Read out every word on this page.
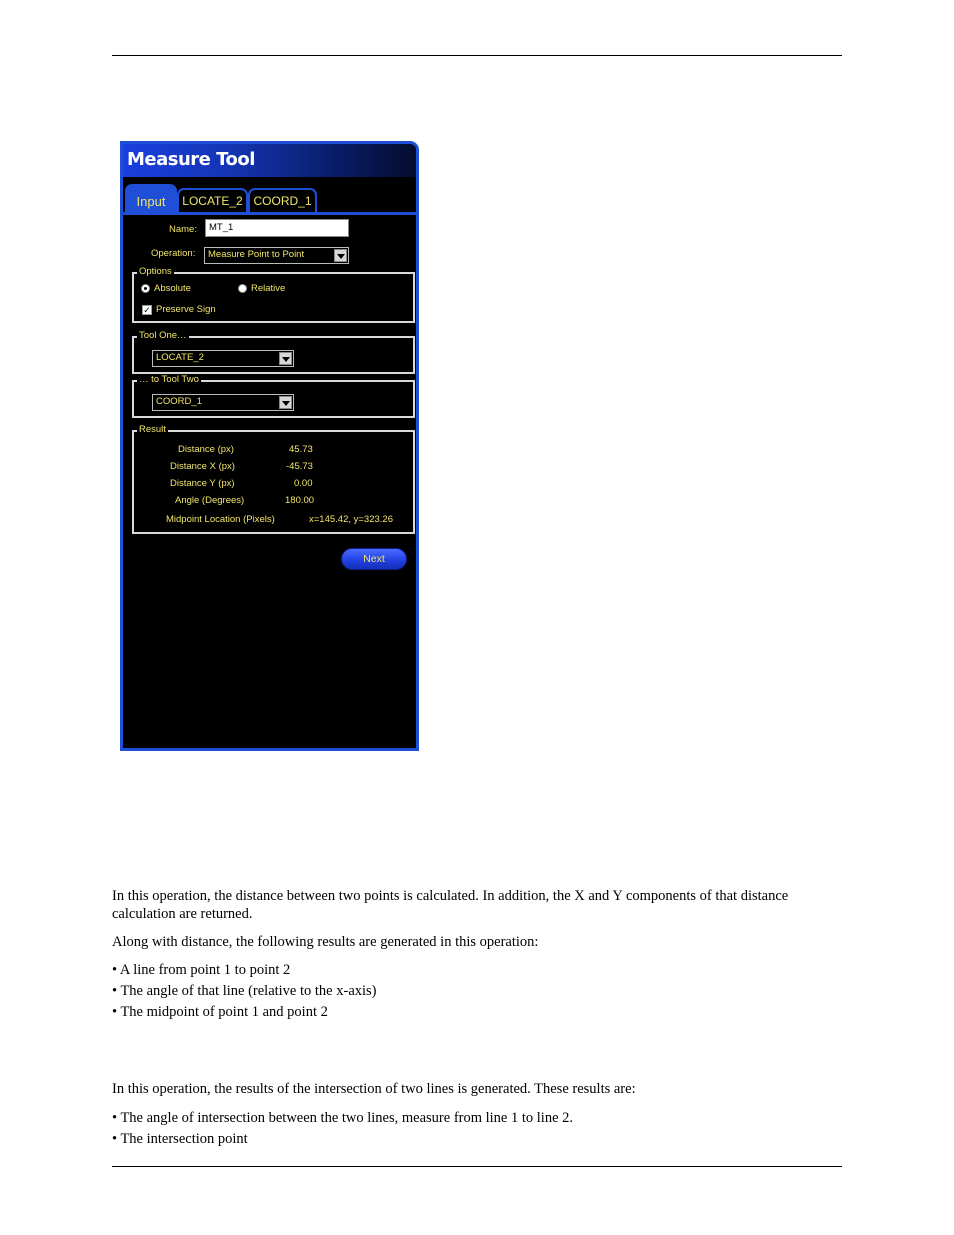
Measure Tool
Input	LOCATE_2 COORD_1
Name:	MT_1
Operation:	Measure Point to Point
Options
Absolute	Relative
✓ Preserve Sign
Tool One…
LOCATE_2
… to Tool Two
COORD_1
Result
Distance (px)	45.73
Distance X (px)	-45.73
Distance Y (px)	0.00
Angle (Degrees)	180.00
Midpoint Location (Pixels)	x=145.42, y=323.26
Next
In this operation, the distance between two points is calculated. In addition, the X and Y components of that distance calculation are returned.
Along with distance, the following results are generated in this operation:
• A line from point 1 to point 2
• The angle of that line (relative to the x-axis)
• The midpoint of point 1 and point 2
In this operation, the results of the intersection of two lines is generated. These results are:
• The angle of intersection between the two lines, measure from line 1 to line 2.
• The intersection point
